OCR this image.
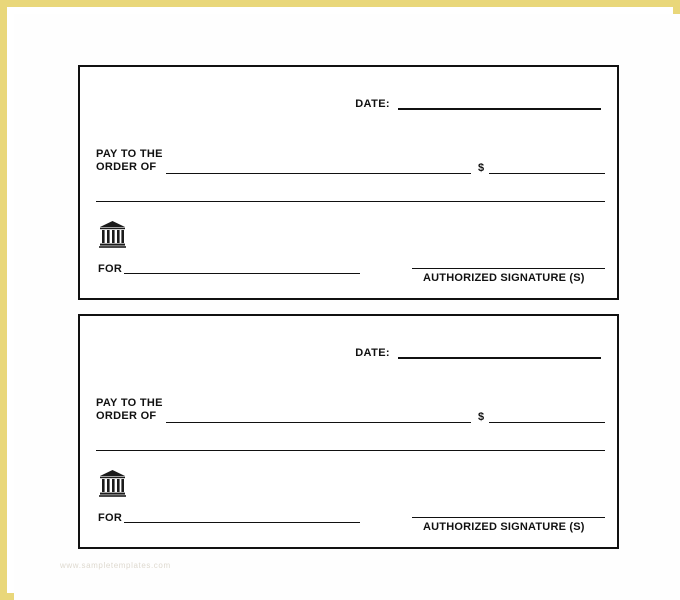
DATE:
PAY TO THE
ORDER OF	$
FOR
AUTHORIZED SIGNATURE (S)
DATE:
PAY TO THE
ORDER OF	$
FOR
AUTHORIZED SIGNATURE (S)
www.sampletemplates.com
